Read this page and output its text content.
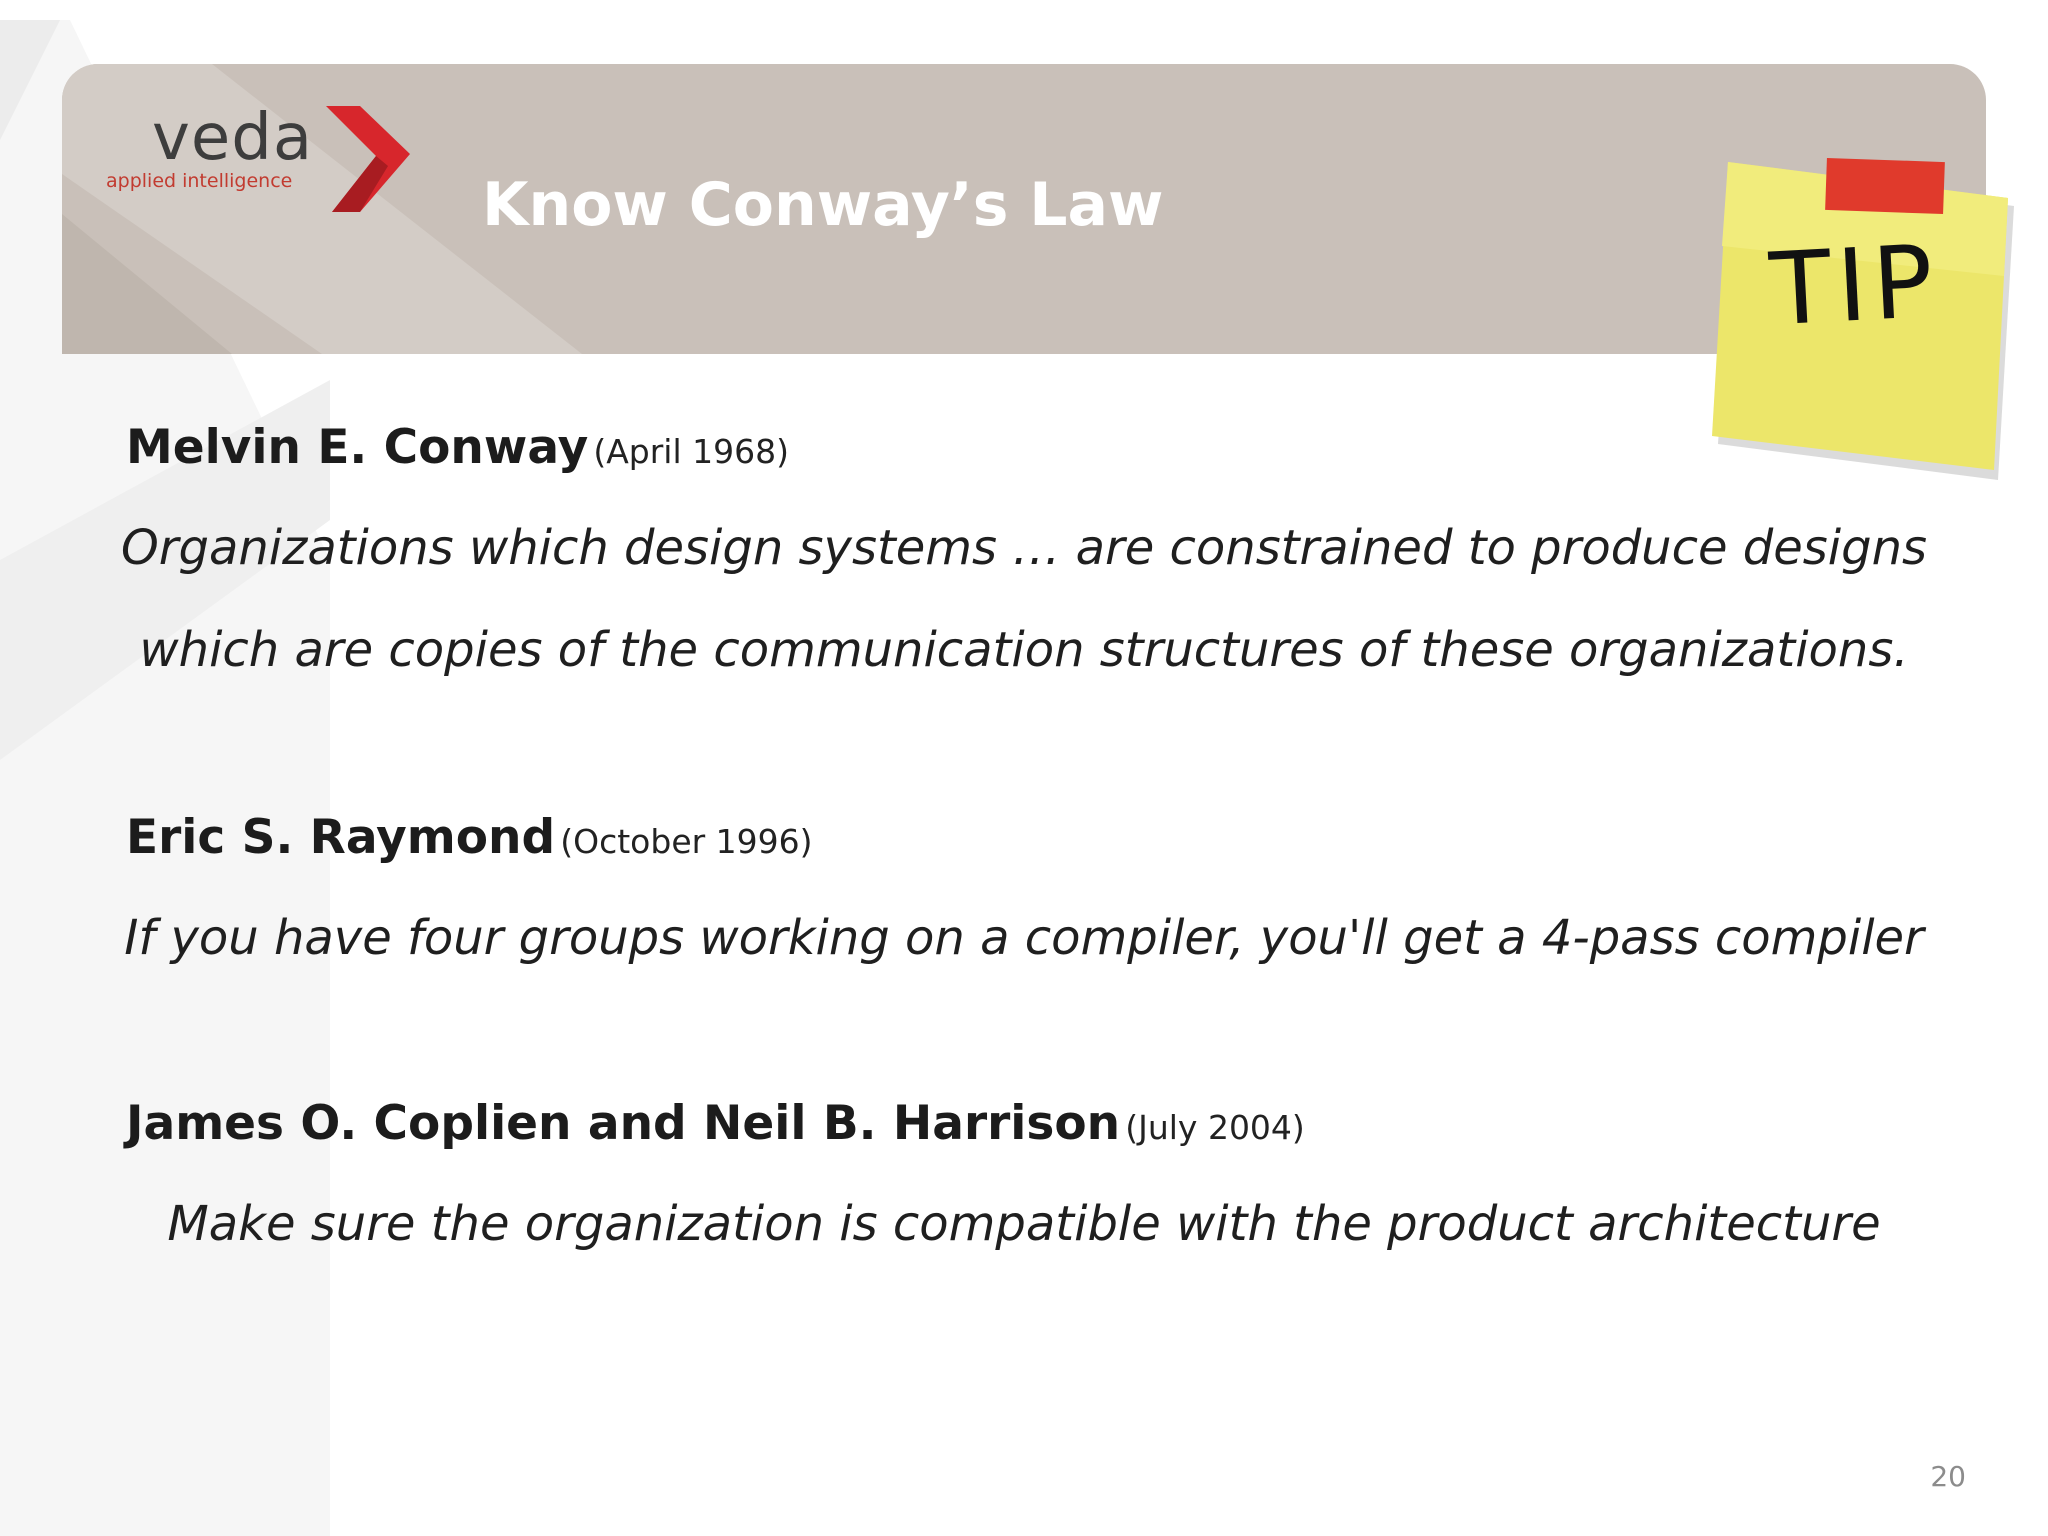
veda
applied intelligence	Know Conway’s Law
TIP
Melvin E. Conway (April 1968)
Organizations which design systems … are constrained to produce designs
which are copies of the communication structures of these organizations.
Eric S. Raymond (October 1996)
If you have four groups working on a compiler, you'll get a 4-pass compiler
James O. Coplien and Neil B. Harrison (July 2004)
Make sure the organization is compatible with the product architecture
20
